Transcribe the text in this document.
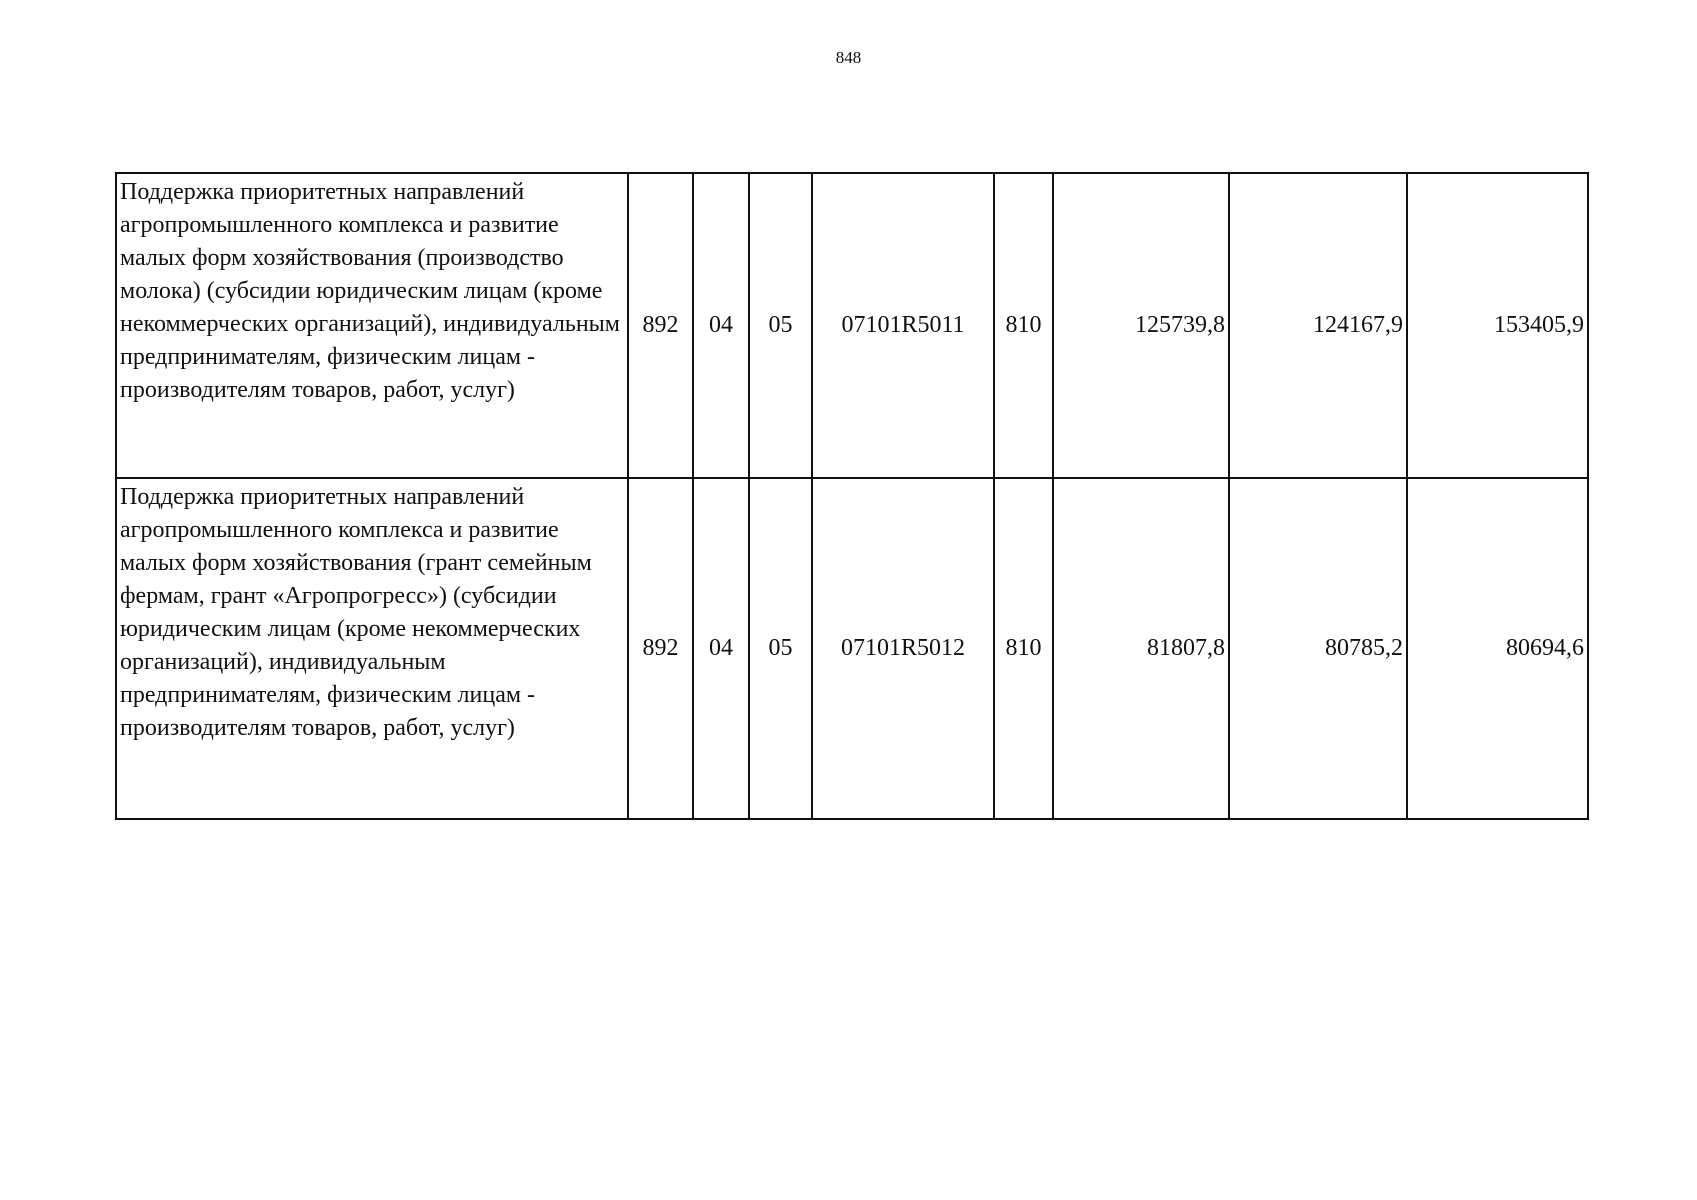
848
Поддержка приоритетных направлений агропромышленного комплекса и развитие малых форм хозяйствования (производство молока) (субсидии юридическим лицам (кроме некоммерческих организаций), индивидуальным предпринимателям, физическим лицам - производителям товаров, работ, услуг)	892	04	05	07101R5011	810	125739,8	124167,9	153405,9
Поддержка приоритетных направлений агропромышленного комплекса и развитие малых форм хозяйствования (грант семейным фермам, грант «Агропрогресс») (субсидии юридическим лицам (кроме некоммерческих организаций), индивидуальным предпринимателям, физическим лицам - производителям товаров, работ, услуг)	892	04	05	07101R5012	810	81807,8	80785,2	80694,6
